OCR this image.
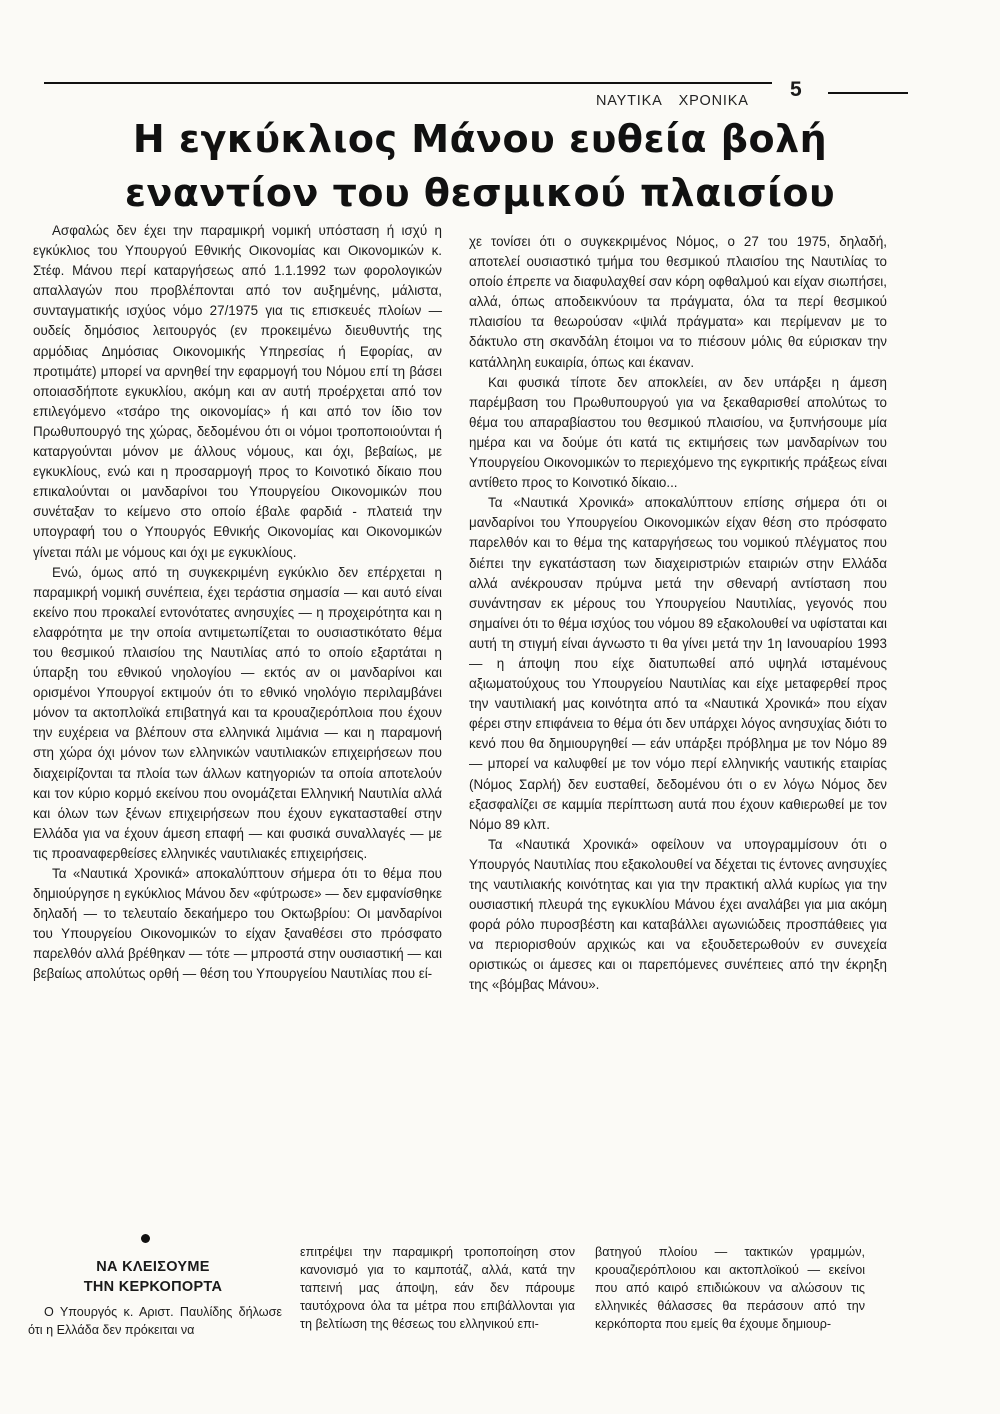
ΝΑΥΤΙΚΑ ΧΡΟΝΙΚΑ 5
Η εγκύκλιος Μάνου ευθεία βολή
εναντίον του θεσμικού πλαισίου

Ασφαλώς δεν έχει την παραμικρή νομική υπόσταση ή ισχύ η εγκύκλιος του Υπουργού Εθνικής Οικονομίας και Οικονομικών κ. Στέφ. Μάνου περί καταργήσεως από 1.1.1992 των φορολογικών απαλλαγών που προβλέπονται από τον αυξημένης, μάλιστα, συνταγματικής ισχύος νόμο 27/1975 για τις επισκευές πλοίων — ουδείς δημόσιος λειτουργός (εν προκειμένω διευθυντής της αρμόδιας Δημόσιας Οικονομικής Υπηρεσίας ή Εφορίας, αν προτιμάτε) μπορεί να αρνηθεί την εφαρμογή του Νόμου επί τη βάσει οποιασδήποτε εγκυκλίου, ακόμη και αν αυτή προέρχεται από τον επιλεγόμενο «τσάρο της οικονομίας» ή και από τον ίδιο τον Πρωθυπουργό της χώρας, δεδομένου ότι οι νόμοι τροποποιούνται ή καταργούνται μόνον με άλλους νόμους, και όχι, βεβαίως, με εγκυκλίους, ενώ και η προσαρμογή προς το Κοινοτικό δίκαιο που επικαλούνται οι μανδαρίνοι του Υπουργείου Οικονομικών που συνέταξαν το κείμενο στο οποίο έβαλε φαρδιά - πλατειά την υπογραφή του ο Υπουργός Εθνικής Οικονομίας και Οικονομικών γίνεται πάλι με νόμους και όχι με εγκυκλίους.

Ενώ, όμως από τη συγκεκριμένη εγκύκλιο δεν επέρχεται η παραμικρή νομική συνέπεια, έχει τεράστια σημασία — και αυτό είναι εκείνο που προκαλεί εντονότατες ανησυχίες — η προχειρότητα και η ελαφρότητα με την οποία αντιμετωπίζεται το ουσιαστικότατο θέμα του θεσμικού πλαισίου της Ναυτιλίας από το οποίο εξαρτάται η ύπαρξη του εθνικού νηολογίου — εκτός αν οι μανδαρίνοι και ορισμένοι Υπουργοί εκτιμούν ότι το εθνικό νηολόγιο περιλαμβάνει μόνον τα ακτοπλοϊκά επιβατηγά και τα κρουαζιερόπλοια που έχουν την ευχέρεια να βλέπουν στα ελληνικά λιμάνια — και η παραμονή στη χώρα όχι μόνον των ελληνικών ναυτιλιακών επιχειρήσεων που διαχειρίζονται τα πλοία των άλλων κατηγοριών τα οποία αποτελούν και τον κύριο κορμό εκείνου που ονομάζεται Ελληνική Ναυτιλία αλλά και όλων των ξένων επιχειρήσεων που έχουν εγκατασταθεί στην Ελλάδα για να έχουν άμεση επαφή — και φυσικά συναλλαγές — με τις προαναφερθείσες ελληνικές ναυτιλιακές επιχειρήσεις.

Τα «Ναυτικά Χρονικά» αποκαλύπτουν σήμερα ότι το θέμα που δημιούργησε η εγκύκλιος Μάνου δεν «φύτρωσε» — δεν εμφανίσθηκε δηλαδή — το τελευταίο δεκαήμερο του Οκτωβρίου: Οι μανδαρίνοι του Υπουργείου Οικονομικών το είχαν ξαναθέσει στο πρόσφατο παρελθόν αλλά βρέθηκαν — τότε — μπροστά στην ουσιαστική — και βεβαίως απολύτως ορθή — θέση του Υπουργείου Ναυτιλίας που εί-

χε τονίσει ότι ο συγκεκριμένος Νόμος, ο 27 του 1975, δηλαδή, αποτελεί ουσιαστικό τμήμα του θεσμικού πλαισίου της Ναυτιλίας το οποίο έπρεπε να διαφυλαχθεί σαν κόρη οφθαλμού και είχαν σιωπήσει, αλλά, όπως αποδεικνύουν τα πράγματα, όλα τα περί θεσμικού πλαισίου τα θεωρούσαν «ψιλά πράγματα» και περίμεναν με το δάκτυλο στη σκανδάλη έτοιμοι να το πιέσουν μόλις θα εύρισκαν την κατάλληλη ευκαιρία, όπως και έκαναν.

Και φυσικά τίποτε δεν αποκλείει, αν δεν υπάρξει η άμεση παρέμβαση του Πρωθυπουργού για να ξεκαθαρισθεί απολύτως το θέμα του απαραβίαστου του θεσμικού πλαισίου, να ξυπνήσουμε μία ημέρα και να δούμε ότι κατά τις εκτιμήσεις των μανδαρίνων του Υπουργείου Οικονομικών το περιεχόμενο της εγκριτικής πράξεως είναι αντίθετο προς το Κοινοτικό δίκαιο...

Τα «Ναυτικά Χρονικά» αποκαλύπτουν επίσης σήμερα ότι οι μανδαρίνοι του Υπουργείου Οικονομικών είχαν θέση στο πρόσφατο παρελθόν και το θέμα της καταργήσεως του νομικού πλέγματος που διέπει την εγκατάσταση των διαχειριστριών εταιριών στην Ελλάδα αλλά ανέκρουσαν πρύμνα μετά την σθεναρή αντίσταση που συνάντησαν εκ μέρους του Υπουργείου Ναυτιλίας, γεγονός που σημαίνει ότι το θέμα ισχύος του νόμου 89 εξακολουθεί να υφίσταται και αυτή τη στιγμή είναι άγνωστο τι θα γίνει μετά την 1η Ιανουαρίου 1993 — η άποψη που είχε διατυπωθεί από υψηλά ισταμένους αξιωματούχους του Υπουργείου Ναυτιλίας και είχε μεταφερθεί προς την ναυτιλιακή μας κοινότητα από τα «Ναυτικά Χρονικά» που είχαν φέρει στην επιφάνεια το θέμα ότι δεν υπάρχει λόγος ανησυχίας διότι το κενό που θα δημιουργηθεί — εάν υπάρξει πρόβλημα με τον Νόμο 89 — μπορεί να καλυφθεί με τον νόμο περί ελληνικής ναυτικής εταιρίας (Νόμος Σαρλή) δεν ευσταθεί, δεδομένου ότι ο εν λόγω Νόμος δεν εξασφαλίζει σε καμμία περίπτωση αυτά που έχουν καθιερωθεί με τον Νόμο 89 κλπ.

Τα «Ναυτικά Χρονικά» οφείλουν να υπογραμμίσουν ότι ο Υπουργός Ναυτιλίας που εξακολουθεί να δέχεται τις έντονες ανησυχίες της ναυτιλιακής κοινότητας και για την πρακτική αλλά κυρίως για την ουσιαστική πλευρά της εγκυκλίου Μάνου έχει αναλάβει για μια ακόμη φορά ρόλο πυροσβέστη και καταβάλλει αγωνιώδεις προσπάθειες για να περιορισθούν αρχικώς και να εξουδετερωθούν εν συνεχεία οριστικώς οι άμεσες και οι παρεπόμενες συνέπειες από την έκρηξη της «βόμβας Μάνου».

ΝΑ ΚΛΕΙΣΟΥΜΕ
ΤΗΝ ΚΕΡΚΟΠΟΡΤΑ

Ο Υπουργός κ. Αριστ. Παυλίδης δήλωσε ότι η Ελλάδα δεν πρόκειται να

επιτρέψει την παραμικρή τροποποίηση στον κανονισμό για το καμποτάζ, αλλά, κατά την ταπεινή μας άποψη, εάν δεν πάρουμε ταυτόχρονα όλα τα μέτρα που επιβάλλονται για τη βελτίωση της θέσεως του ελληνικού επι-

βατηγού πλοίου — τακτικών γραμμών, κρουαζιερόπλοιου και ακτοπλοϊκού — εκείνοι που από καιρό επιδιώκουν να αλώσουν τις ελληνικές θάλασσες θα περάσουν από την κερκόπορτα που εμείς θα έχουμε δημιουρ-
